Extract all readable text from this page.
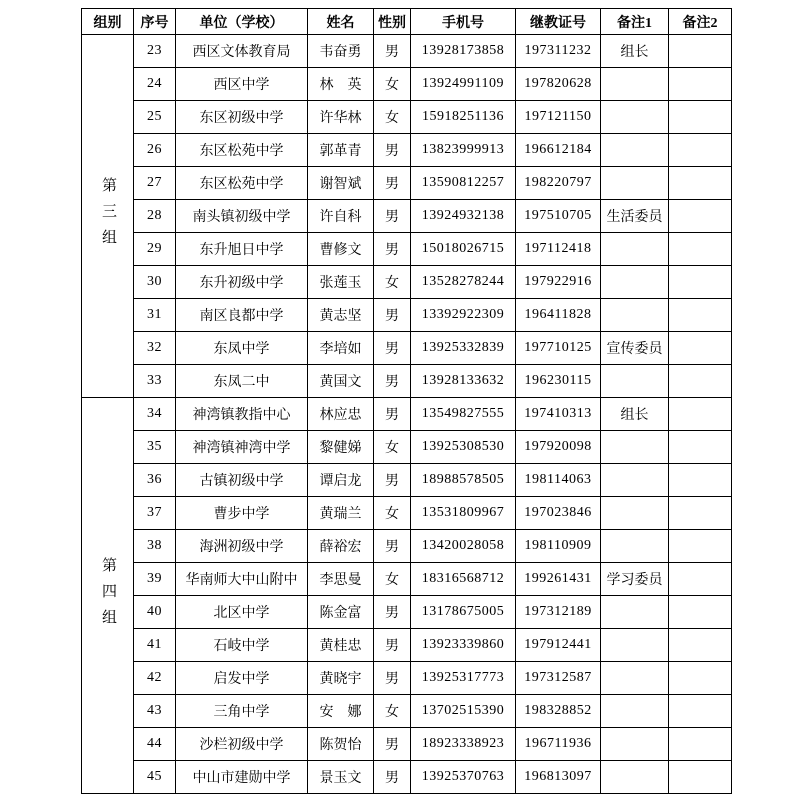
组别	序号	单位（学校）	姓名	性别	手机号	继教证号	备注1	备注2

第三组	23	西区文体教育局	韦奋勇	男	13928173858	197311232	组长	
	24	西区中学	林　英	女	13924991109	197820628		
	25	东区初级中学	许华林	女	15918251136	197121150		
	26	东区松苑中学	郭革青	男	13823999913	196612184		
	27	东区松苑中学	谢智斌	男	13590812257	198220797		
	28	南头镇初级中学	许自科	男	13924932138	197510705	生活委员	
	29	东升旭日中学	曹修文	男	15018026715	197112418		
	30	东升初级中学	张莲玉	女	13528278244	197922916		
	31	南区良都中学	黄志坚	男	13392922309	196411828		
	32	东凤中学	李培如	男	13925332839	197710125	宣传委员	
	33	东凤二中	黄国文	男	13928133632	196230115		

第四组	34	神湾镇教指中心	林应忠	男	13549827555	197410313	组长	
	35	神湾镇神湾中学	黎健娣	女	13925308530	197920098		
	36	古镇初级中学	谭启龙	男	18988578505	198114063		
	37	曹步中学	黄瑞兰	女	13531809967	197023846		
	38	海洲初级中学	薛裕宏	男	13420028058	198110909		
	39	华南师大中山附中	李思曼	女	18316568712	199261431	学习委员	
	40	北区中学	陈金富	男	13178675005	197312189		
	41	石岐中学	黄桂忠	男	13923339860	197912441		
	42	启发中学	黄晓宇	男	13925317773	197312587		
	43	三角中学	安　娜	女	13702515390	198328852		
	44	沙栏初级中学	陈贺怡	男	18923338923	196711936		
	45	中山市建勋中学	景玉文	男	13925370763	196813097		
